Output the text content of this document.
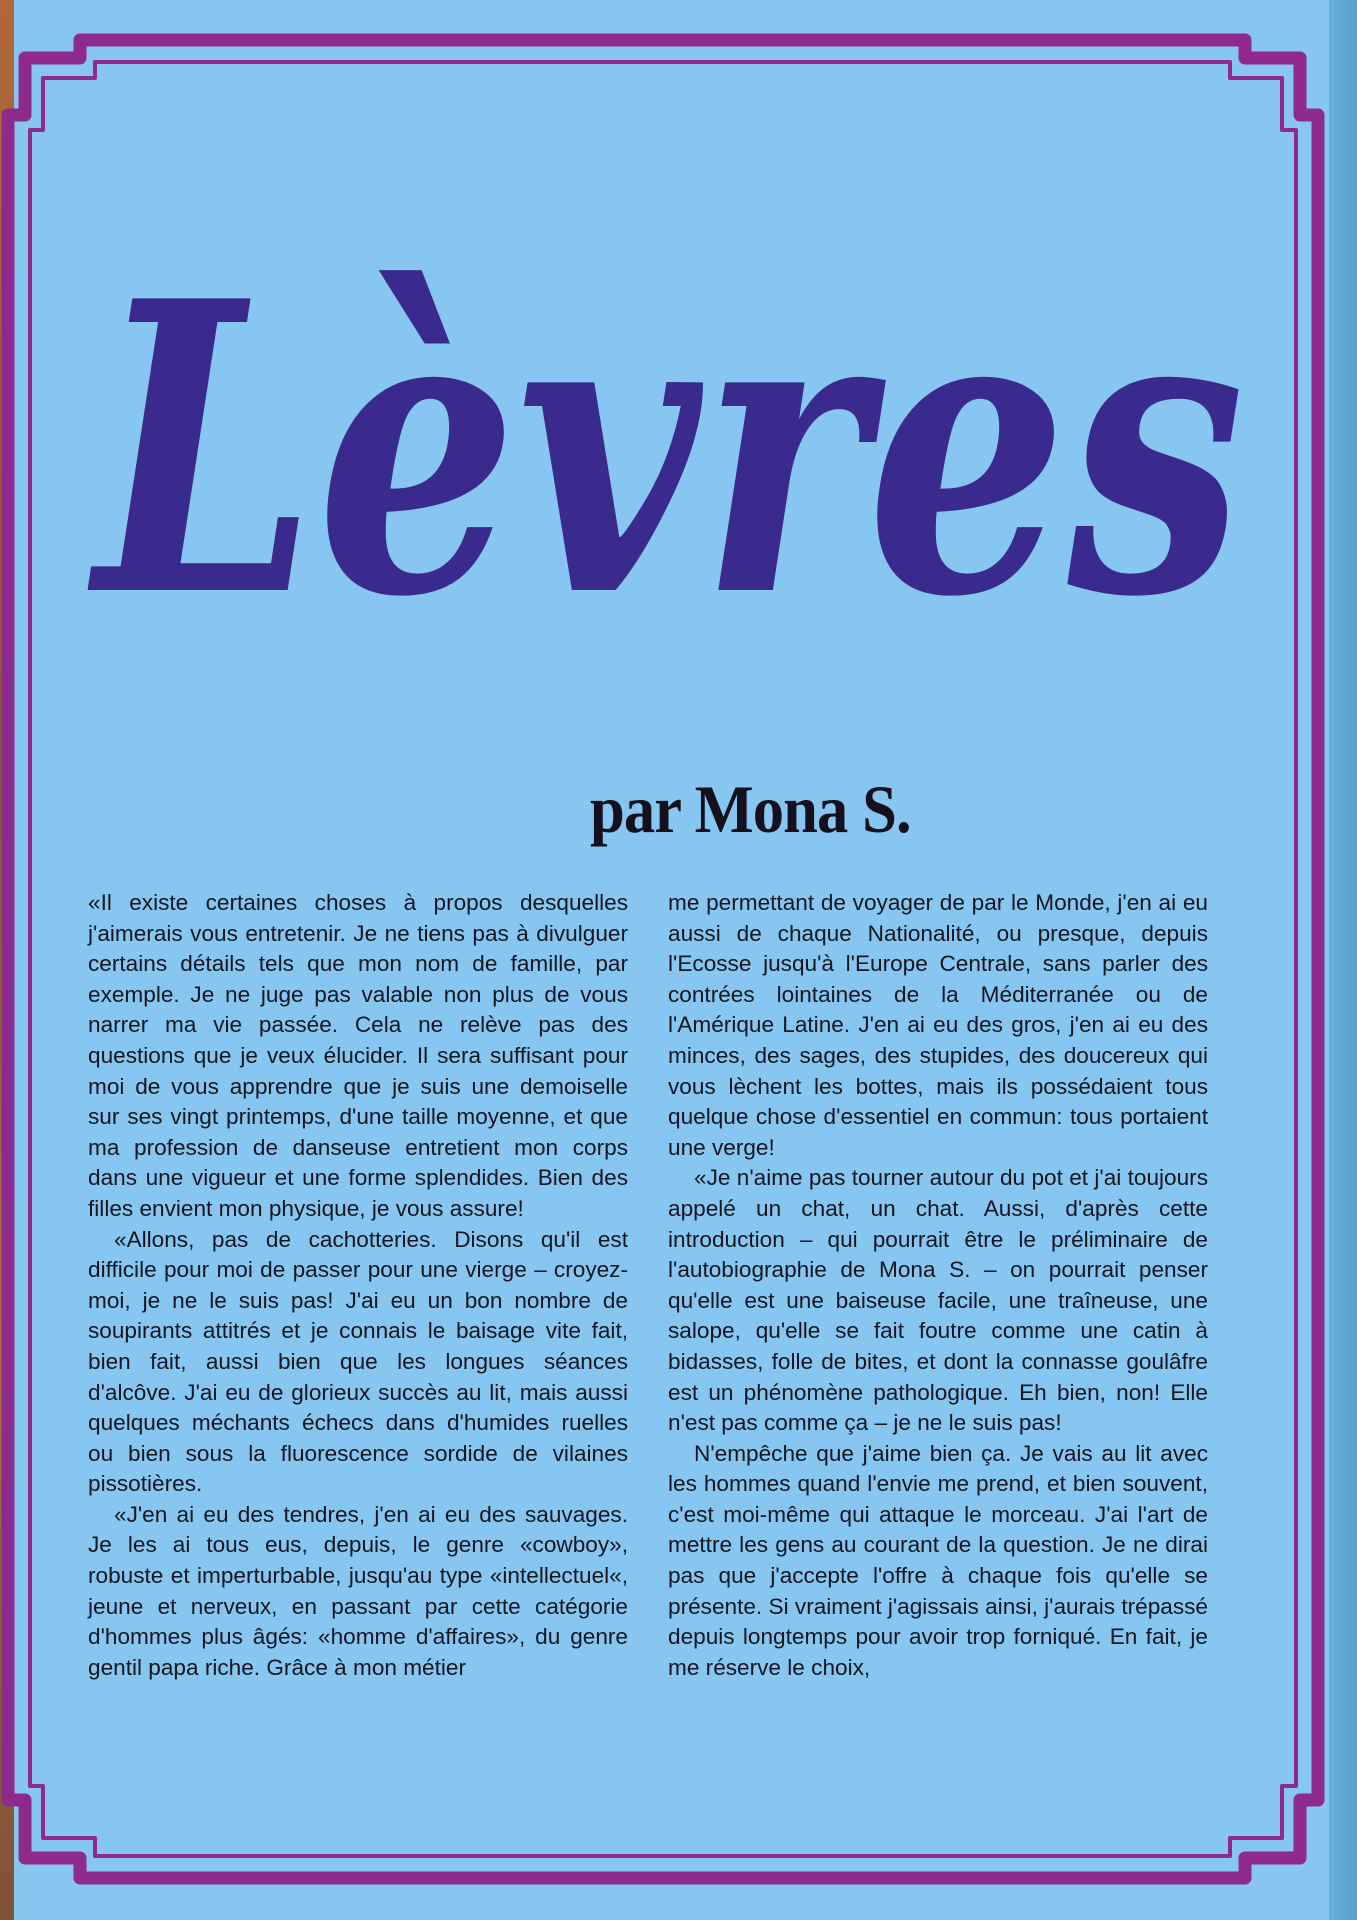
Lèvres
par Mona S.

«Il existe certaines choses à propos desquelles j'aimerais vous entretenir. Je ne tiens pas à divulguer certains détails tels que mon nom de famille, par exemple. Je ne juge pas valable non plus de vous narrer ma vie passée. Cela ne relève pas des questions que je veux élucider. Il sera suffisant pour moi de vous apprendre que je suis une demoiselle sur ses vingt printemps, d'une taille moyenne, et que ma profession de danseuse entretient mon corps dans une vigueur et une forme splendides. Bien des filles envient mon physique, je vous assure!

«Allons, pas de cachotteries. Disons qu'il est difficile pour moi de passer pour une vierge – croyez-moi, je ne le suis pas! J'ai eu un bon nombre de soupirants attitrés et je connais le baisage vite fait, bien fait, aussi bien que les longues séances d'alcôve. J'ai eu de glorieux succès au lit, mais aussi quelques méchants échecs dans d'humides ruelles ou bien sous la fluorescence sordide de vilaines pissotières.

«J'en ai eu des tendres, j'en ai eu des sauvages. Je les ai tous eus, depuis, le genre «cowboy», robuste et imperturbable, jusqu'au type «intellectuel«, jeune et nerveux, en passant par cette catégorie d'hommes plus âgés: «homme d'affaires», du genre gentil papa riche. Grâce à mon métier

me permettant de voyager de par le Monde, j'en ai eu aussi de chaque Nationalité, ou presque, depuis l'Ecosse jusqu'à l'Europe Centrale, sans parler des contrées lointaines de la Méditerranée ou de l'Amérique Latine. J'en ai eu des gros, j'en ai eu des minces, des sages, des stupides, des doucereux qui vous lèchent les bottes, mais ils possédaient tous quelque chose d'essentiel en commun: tous portaient une verge!

«Je n'aime pas tourner autour du pot et j'ai toujours appelé un chat, un chat. Aussi, d'après cette introduction – qui pourrait être le préliminaire de l'autobiographie de Mona S. – on pourrait penser qu'elle est une baiseuse facile, une traîneuse, une salope, qu'elle se fait foutre comme une catin à bidasses, folle de bites, et dont la connasse goulâfre est un phénomène pathologique. Eh bien, non! Elle n'est pas comme ça – je ne le suis pas!

N'empêche que j'aime bien ça. Je vais au lit avec les hommes quand l'envie me prend, et bien souvent, c'est moi-même qui attaque le morceau. J'ai l'art de mettre les gens au courant de la question. Je ne dirai pas que j'accepte l'offre à chaque fois qu'elle se présente. Si vraiment j'agissais ainsi, j'aurais trépassé depuis longtemps pour avoir trop forniqué. En fait, je me réserve le choix,
